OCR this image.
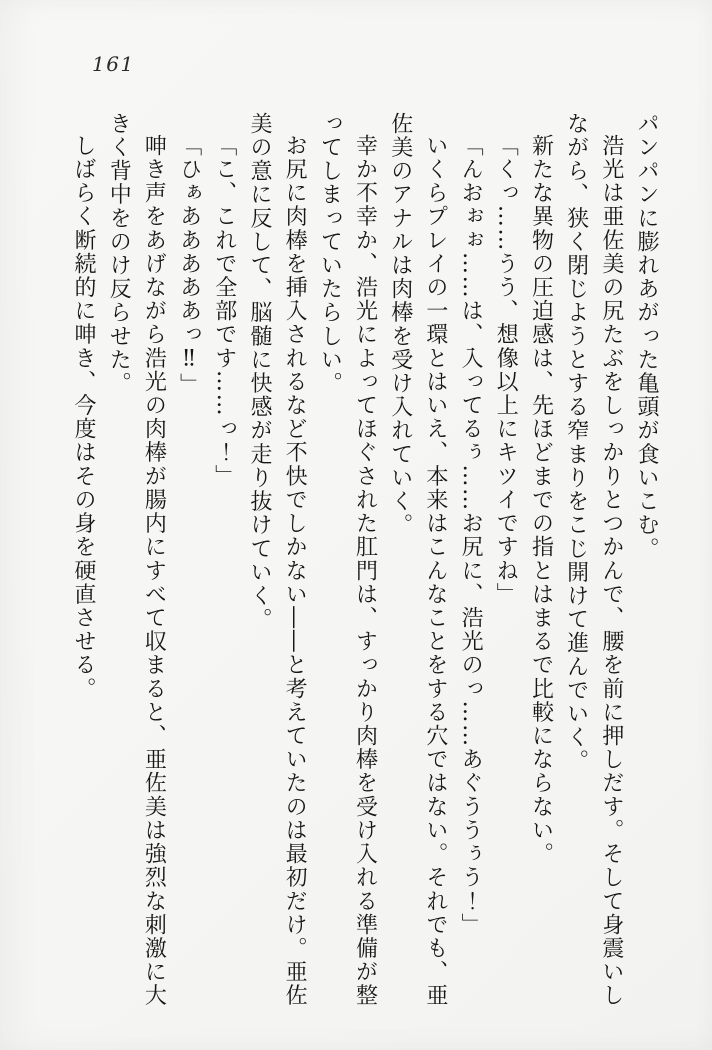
161

パンパンに膨れあがった亀頭が食いこむ。

浩光は亜佐美の尻たぶをしっかりとつかんで、腰を前に押しだす。そして身震いしながら、狭く閉じようとする窄まりをこじ開けて進んでいく。

新たな異物の圧迫感は、先ほどまでの指とはまるで比較にならない。

「くっ……うう、想像以上にキツイですね」

「んおぉぉ……は、入ってるぅ……お尻に、浩光のっ……あぐううぅう！」

いくらプレイの一環とはいえ、本来はこんなことをする穴ではない。それでも、亜佐美のアナルは肉棒を受け入れていく。

幸か不幸か、浩光によってほぐされた肛門は、すっかり肉棒を受け入れる準備が整ってしまっていたらしい。

お尻に肉棒を挿入されるなど不快でしかない――と考えていたのは最初だけ。亜佐美の意に反して、脳髄に快感が走り抜けていく。

「こ、これで全部です……っ！」

「ひぁあああああっ‼」

呻き声をあげながら浩光の肉棒が腸内にすべて収まると、亜佐美は強烈な刺激に大きく背中をのけ反らせた。

しばらく断続的に呻き、今度はその身を硬直させる。
